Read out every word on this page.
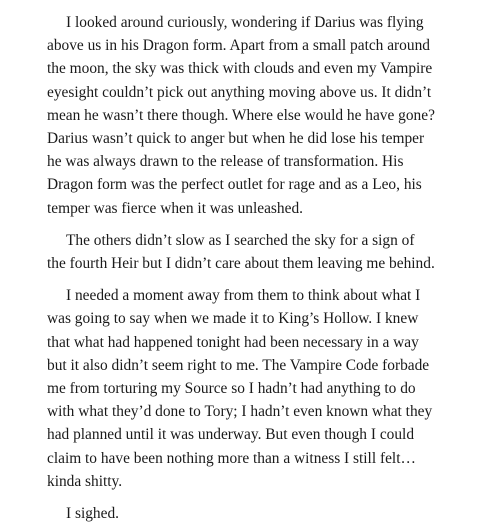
I looked around curiously, wondering if Darius was flying
above us in his Dragon form. Apart from a small patch around
the moon, the sky was thick with clouds and even my Vampire
eyesight couldn’t pick out anything moving above us. It didn’t
mean he wasn’t there though. Where else would he have gone?
Darius wasn’t quick to anger but when he did lose his temper
he was always drawn to the release of transformation. His
Dragon form was the perfect outlet for rage and as a Leo, his
temper was fierce when it was unleashed.

The others didn’t slow as I searched the sky for a sign of
the fourth Heir but I didn’t care about them leaving me behind.

I needed a moment away from them to think about what I
was going to say when we made it to King’s Hollow. I knew
that what had happened tonight had been necessary in a way
but it also didn’t seem right to me. The Vampire Code forbade
me from torturing my Source so I hadn’t had anything to do
with what they’d done to Tory; I hadn’t even known what they
had planned until it was underway. But even though I could
claim to have been nothing more than a witness I still felt…
kinda shitty.

I sighed.
